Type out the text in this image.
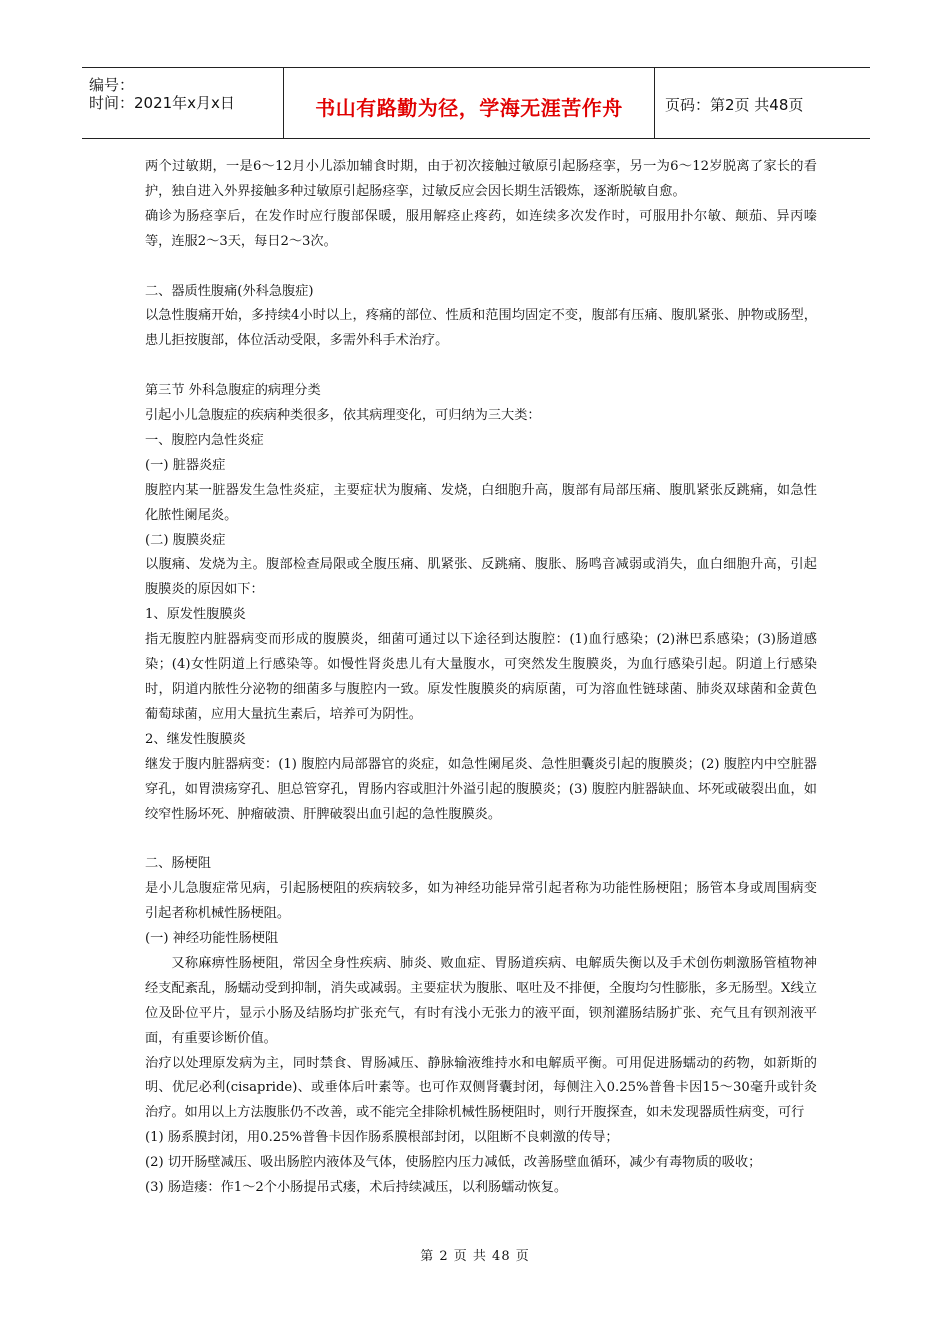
编号：
时间：2021年x月x日	书山有路勤为径，学海无涯苦作舟	页码：第2页 共48页

两个过敏期，一是6～12月小儿添加辅食时期，由于初次接触过敏原引起肠痉挛，另一为6～12岁脱离了家长的看护，独自进入外界接触多种过敏原引起肠痉挛，过敏反应会因长期生活锻炼，逐渐脱敏自愈。

确诊为肠痉挛后，在发作时应行腹部保暖，服用解痉止疼药，如连续多次发作时，可服用扑尔敏、颠茄、异丙嗪等，连服2～3天，每日2～3次。

二、器质性腹痛(外科急腹症)

以急性腹痛开始，多持续4小时以上，疼痛的部位、性质和范围均固定不变，腹部有压痛、腹肌紧张、肿物或肠型，患儿拒按腹部，体位活动受限，多需外科手术治疗。

第三节 外科急腹症的病理分类

引起小儿急腹症的疾病种类很多，依其病理变化，可归纳为三大类：

一、腹腔内急性炎症

(一) 脏器炎症

腹腔内某一脏器发生急性炎症，主要症状为腹痛、发烧，白细胞升高，腹部有局部压痛、腹肌紧张反跳痛，如急性化脓性阑尾炎。

(二) 腹膜炎症

以腹痛、发烧为主。腹部检查局限或全腹压痛、肌紧张、反跳痛、腹胀、肠鸣音减弱或消失，血白细胞升高，引起腹膜炎的原因如下：

1、原发性腹膜炎

指无腹腔内脏器病变而形成的腹膜炎，细菌可通过以下途径到达腹腔：(1)血行感染；(2)淋巴系感染；(3)肠道感染；(4)女性阴道上行感染等。如慢性肾炎患儿有大量腹水，可突然发生腹膜炎，为血行感染引起。阴道上行感染时，阴道内脓性分泌物的细菌多与腹腔内一致。原发性腹膜炎的病原菌，可为溶血性链球菌、肺炎双球菌和金黄色葡萄球菌，应用大量抗生素后，培养可为阴性。

2、继发性腹膜炎

继发于腹内脏器病变：(1) 腹腔内局部器官的炎症，如急性阑尾炎、急性胆囊炎引起的腹膜炎；(2) 腹腔内中空脏器穿孔，如胃溃疡穿孔、胆总管穿孔，胃肠内容或胆汁外溢引起的腹膜炎；(3) 腹腔内脏器缺血、坏死或破裂出血，如绞窄性肠坏死、肿瘤破溃、肝脾破裂出血引起的急性腹膜炎。

二、肠梗阻

是小儿急腹症常见病，引起肠梗阻的疾病较多，如为神经功能异常引起者称为功能性肠梗阻；肠管本身或周围病变引起者称机械性肠梗阻。

(一) 神经功能性肠梗阻

又称麻痹性肠梗阻，常因全身性疾病、肺炎、败血症、胃肠道疾病、电解质失衡以及手术创伤刺激肠管植物神经支配紊乱，肠蠕动受到抑制，消失或减弱。主要症状为腹胀、呕吐及不排便，全腹均匀性膨胀，多无肠型。X线立位及卧位平片，显示小肠及结肠均扩张充气，有时有浅小无张力的液平面，钡剂灌肠结肠扩张、充气且有钡剂液平面，有重要诊断价值。

治疗以处理原发病为主，同时禁食、胃肠减压、静脉输液维持水和电解质平衡。可用促进肠蠕动的药物，如新斯的明、优尼必利(cisapride)、或垂体后叶素等。也可作双侧肾囊封闭，每侧注入0.25%普鲁卡因15～30毫升或针灸治疗。如用以上方法腹胀仍不改善，或不能完全排除机械性肠梗阻时，则行开腹探查，如未发现器质性病变，可行

(1) 肠系膜封闭，用0.25%普鲁卡因作肠系膜根部封闭，以阻断不良刺激的传导；

(2) 切开肠壁减压、吸出肠腔内液体及气体，使肠腔内压力减低，改善肠壁血循环，减少有毒物质的吸收；

(3) 肠造瘘：作1～2个小肠提吊式瘘，术后持续减压，以利肠蠕动恢复。

第 2 页 共 48 页
